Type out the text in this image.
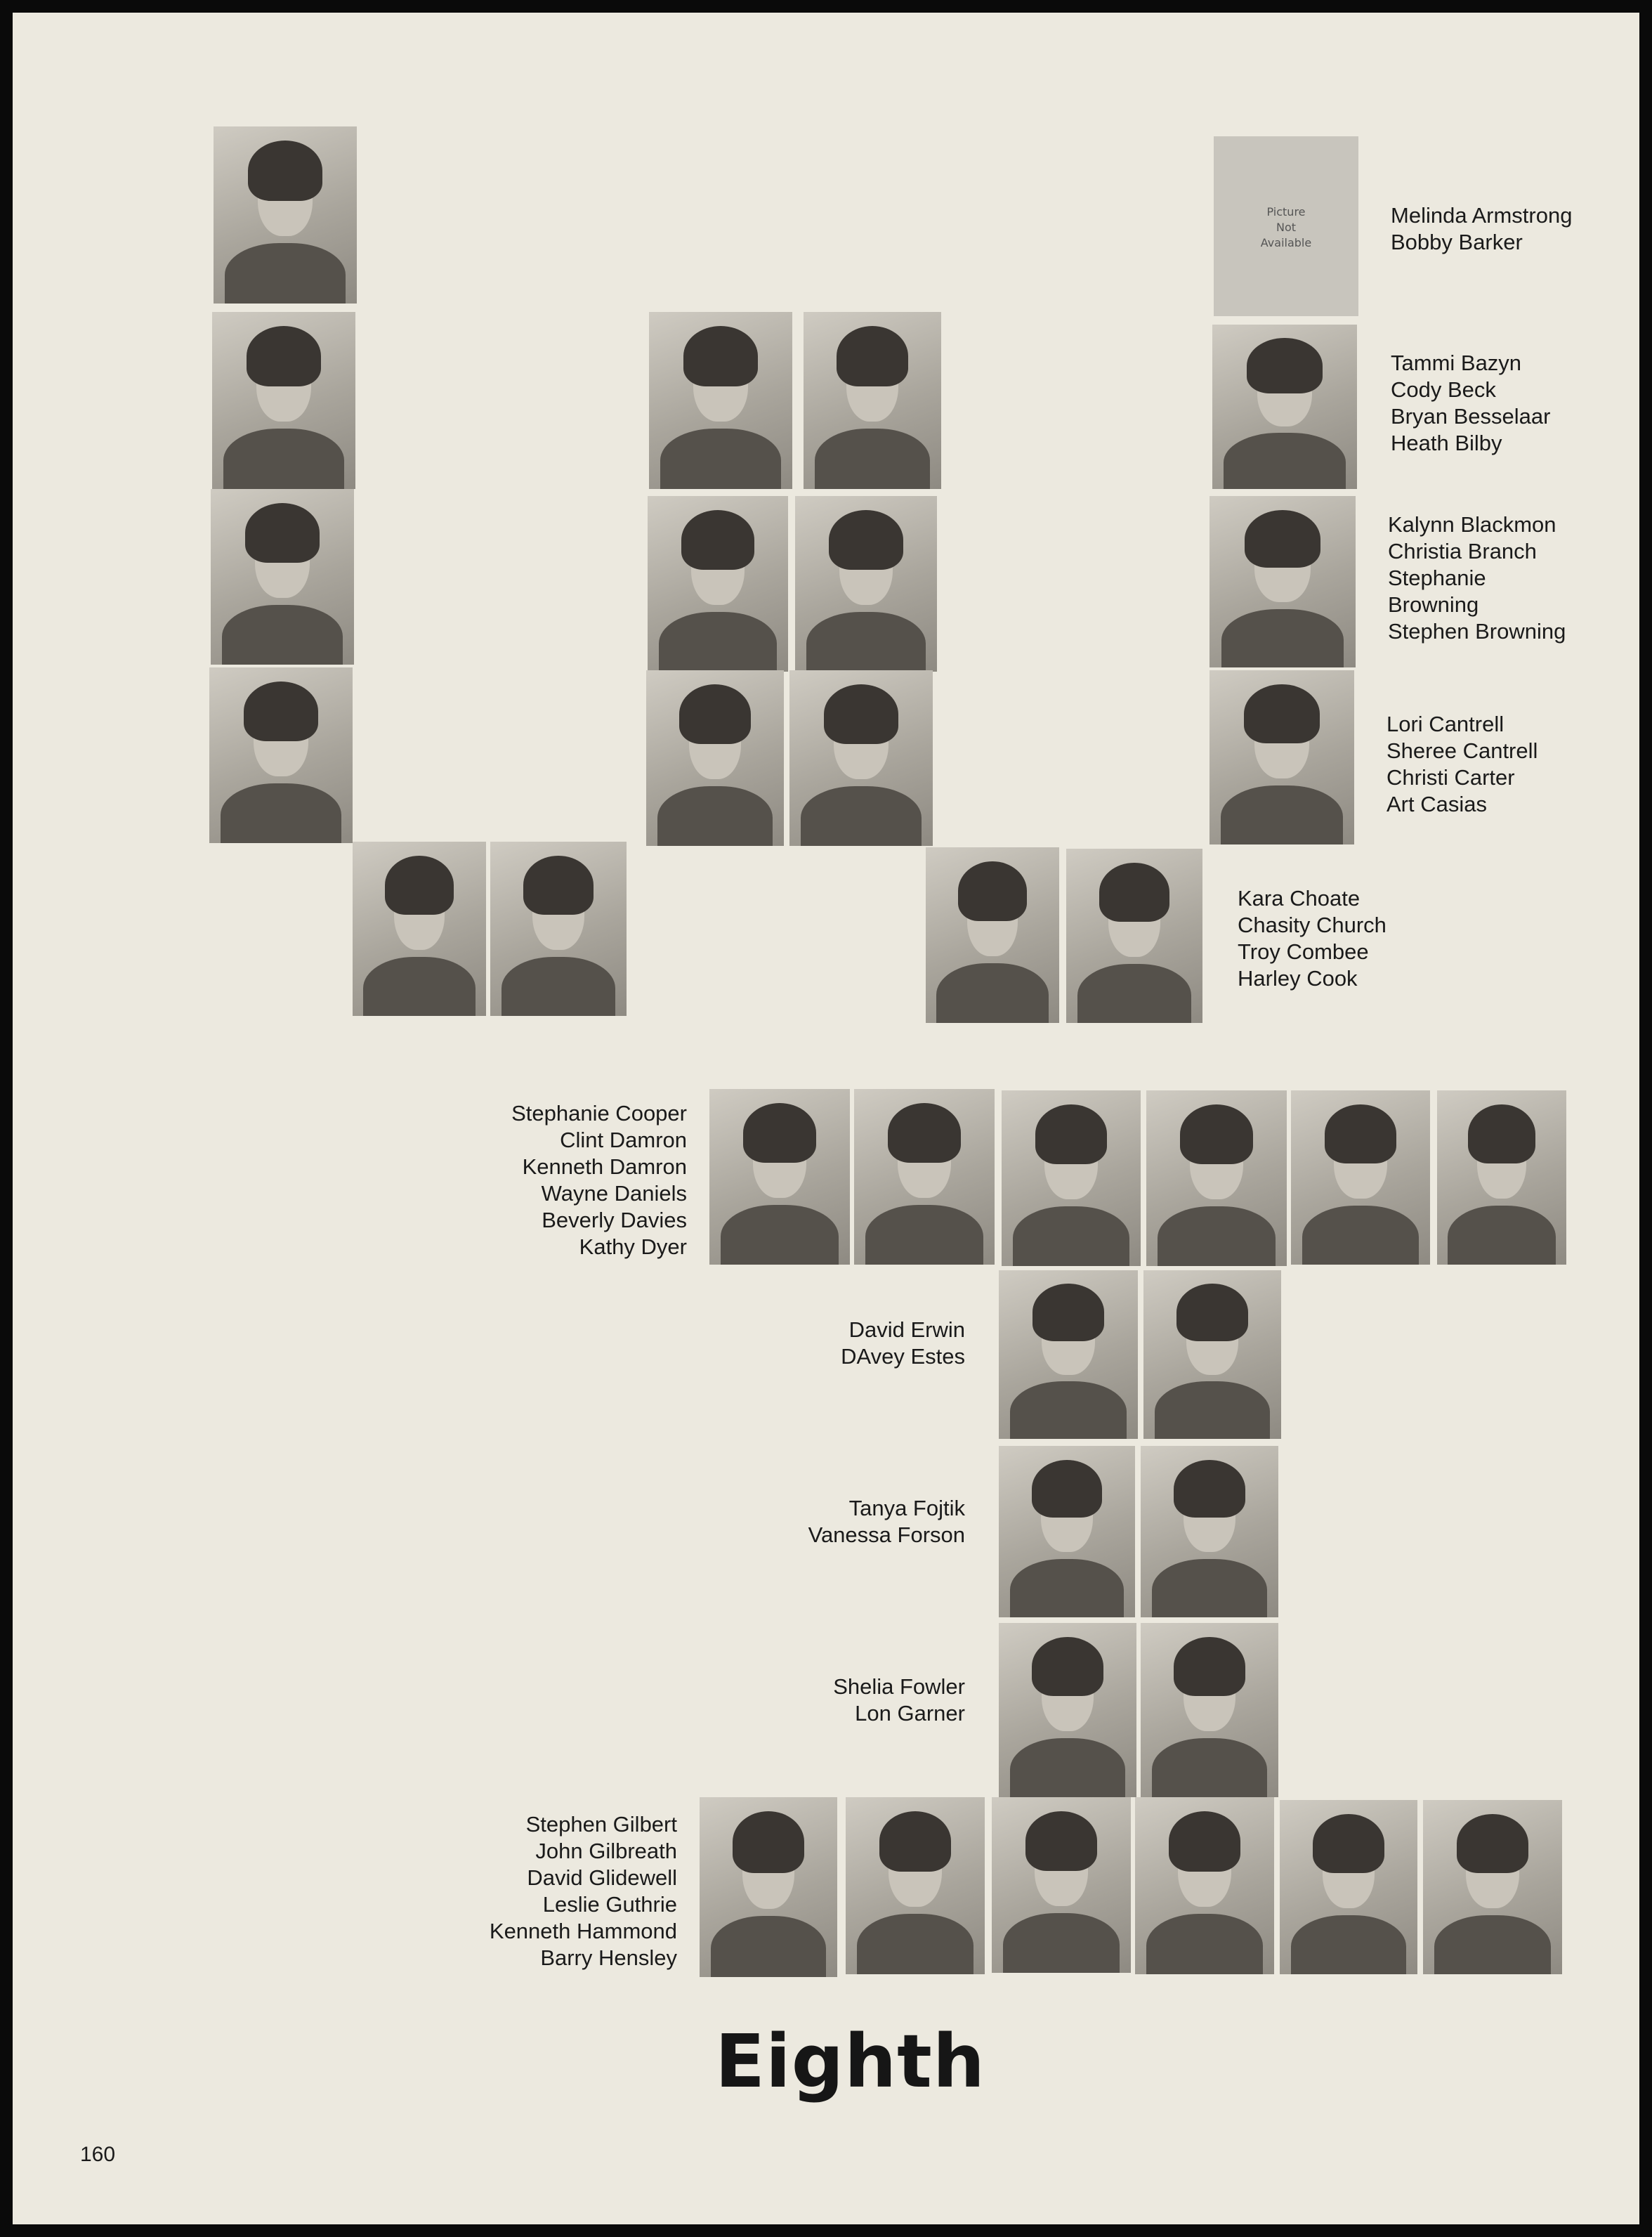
Picture
Not
Available
Melinda Armstrong
Bobby Barker
Tammi Bazyn
Cody Beck
Bryan Besselaar
Heath Bilby
Kalynn Blackmon
Christia Branch
Stephanie
Browning
Stephen Browning
Lori Cantrell
Sheree Cantrell
Christi Carter
Art Casias
Kara Choate
Chasity Church
Troy Combee
Harley Cook
Stephanie Cooper
Clint Damron
Kenneth Damron
Wayne Daniels
Beverly Davies
Kathy Dyer
David Erwin
DAvey Estes
Tanya Fojtik
Vanessa Forson
Shelia Fowler
Lon Garner
Stephen Gilbert
John Gilbreath
David Glidewell
Leslie Guthrie
Kenneth Hammond
Barry Hensley
Eighth
160
